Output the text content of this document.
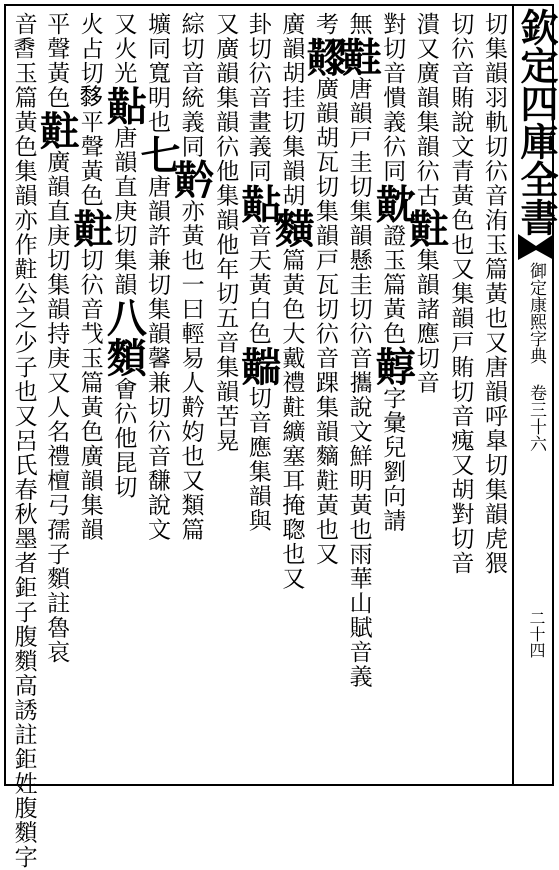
欽定四庫全書
御定康熙字典 卷三十六
二十四
切集韻羽軌切𢓌音洧玉篇黃也又唐韻呼臯切集韻虎猥
切𢓌音賄說文青黃色也又集韻戸賄切音瘣又胡對切音
潰又廣韻集韻𢓌古黈集韻諸應切音
對切音憒義𢓌同黆證玉篇黃色䵍字彙兒劉向請
無黊唐韻戸圭切集韻懸圭切𢓌音攜說文鮮明黃也雨華山賦音義
考𪏧廣韻胡瓦切集韻戸瓦切𢓌音踝集韻䵂黈黃也又
廣韻胡挂切集韻胡䵃篇黃色大戴禮黈纊塞耳掩聦也又
卦切𢓌音畫義同黇音天黃白色䵎切音應集韻與
又廣韻集韻𢓌他集韻他年切五音集韻苦晃
綜切音統義同黅亦黃也一曰輕易人黅㚬也又類篇
壙同寬明也七唐韻許兼切集韻馨兼切𢓌音馦說文
又火光黇唐韻直庚切集韻八䵀㑹𢓌他昆切
火占切𪐀平聲黃色黈切𢓌音𢦏玉篇黃色廣韻集韻
平聲黃色黈廣韻直庚切集韻持庚又人名禮檀弓孺子䵀註魯哀
音𪏰玉篇黃色集韻亦作黈公之少子也又呂氏春秋墨者鉅子腹䵀高誘註鉅姓腹䵀字
